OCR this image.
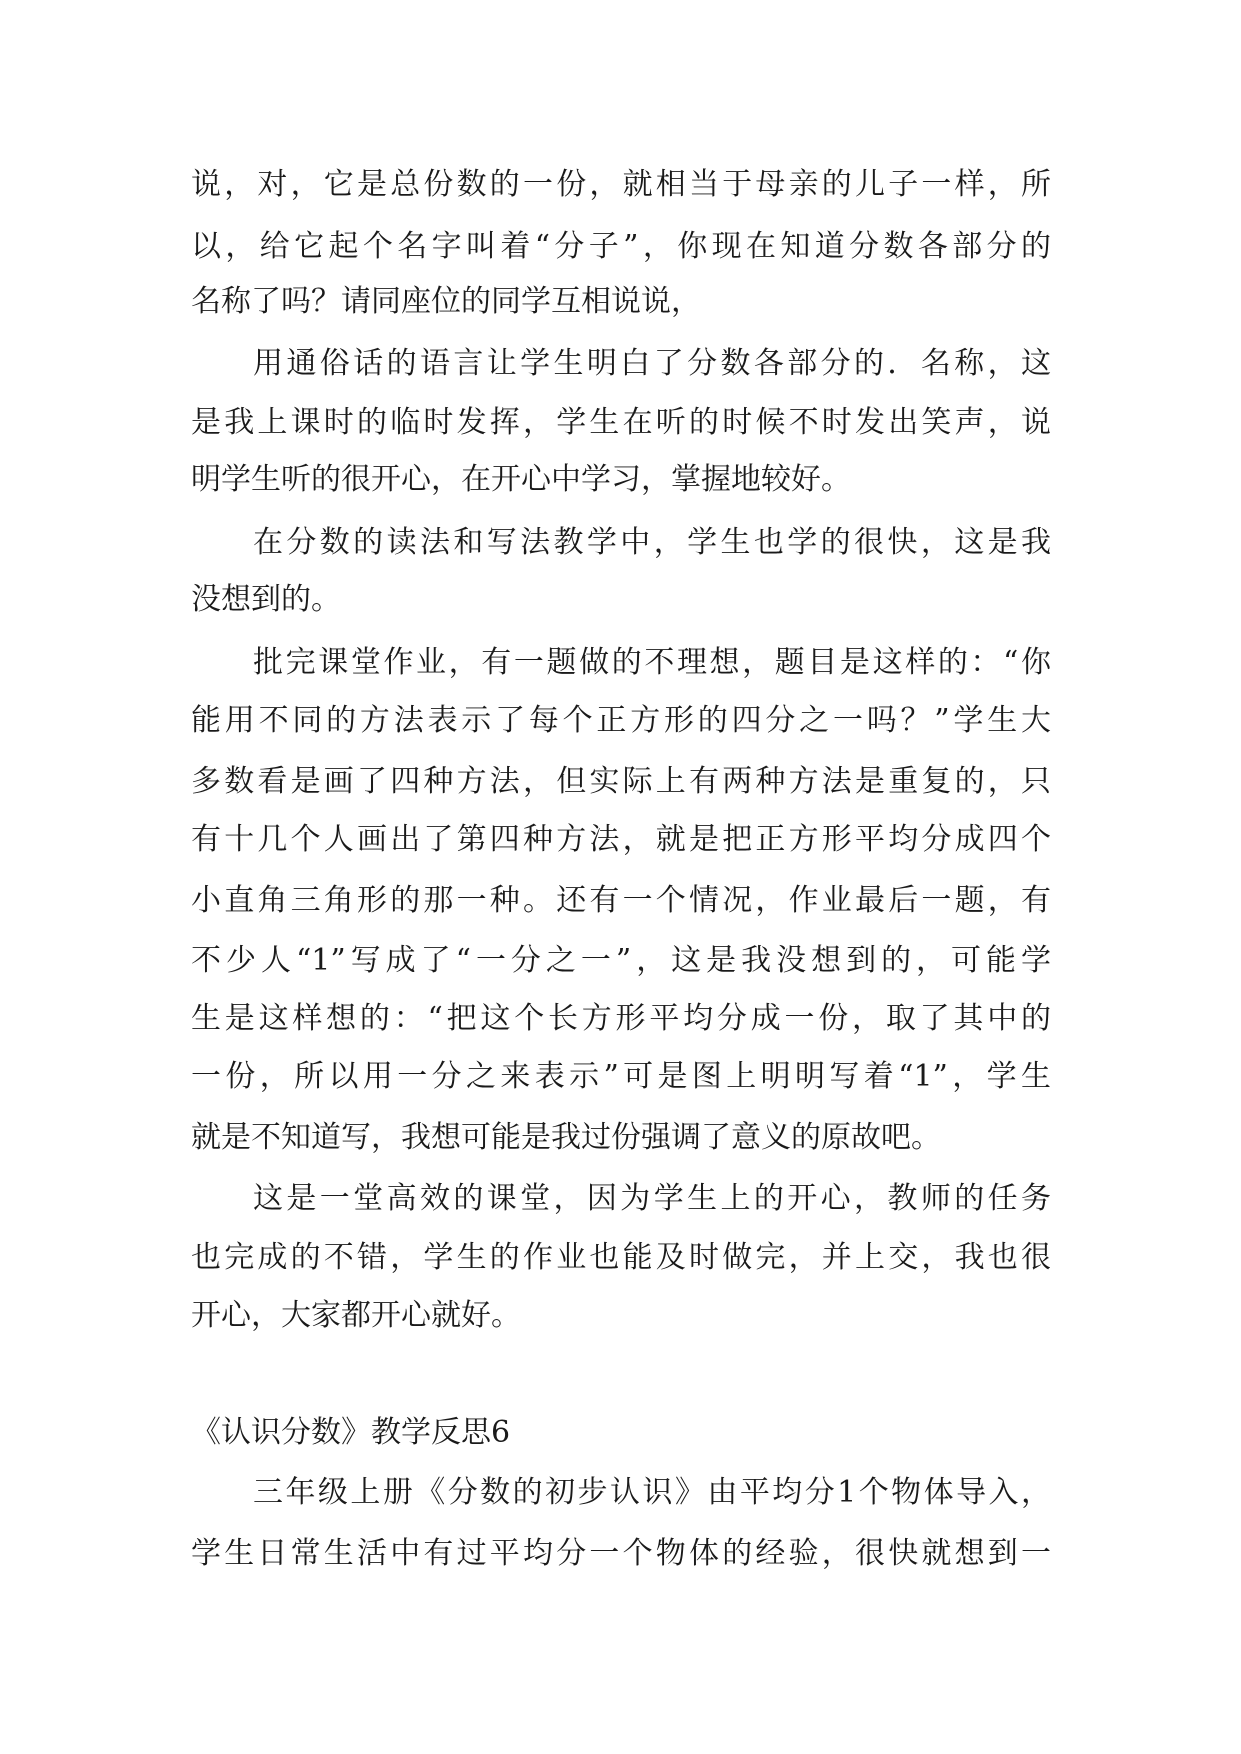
说，对，它是总份数的一份，就相当于母亲的儿子一样，所
以，给它起个名字叫着“分子”，你现在知道分数各部分的
名称了吗？请同座位的同学互相说说，
用通俗话的语言让学生明白了分数各部分的．名称，这
是我上课时的临时发挥，学生在听的时候不时发出笑声，说
明学生听的很开心，在开心中学习，掌握地较好。
在分数的读法和写法教学中，学生也学的很快，这是我
没想到的。
批完课堂作业，有一题做的不理想，题目是这样的：“你
能用不同的方法表示了每个正方形的四分之一吗？”学生大
多数看是画了四种方法，但实际上有两种方法是重复的，只
有十几个人画出了第四种方法，就是把正方形平均分成四个
小直角三角形的那一种。还有一个情况，作业最后一题，有
不少人“1”写成了“一分之一”，这是我没想到的，可能学
生是这样想的：“把这个长方形平均分成一份，取了其中的
一份，所以用一分之来表示”可是图上明明写着“1”，学生
就是不知道写，我想可能是我过份强调了意义的原故吧。
这是一堂高效的课堂，因为学生上的开心，教师的任务
也完成的不错，学生的作业也能及时做完，并上交，我也很
开心，大家都开心就好。
《认识分数》教学反思6
三年级上册《分数的初步认识》由平均分1个物体导入，
学生日常生活中有过平均分一个物体的经验，很快就想到一
